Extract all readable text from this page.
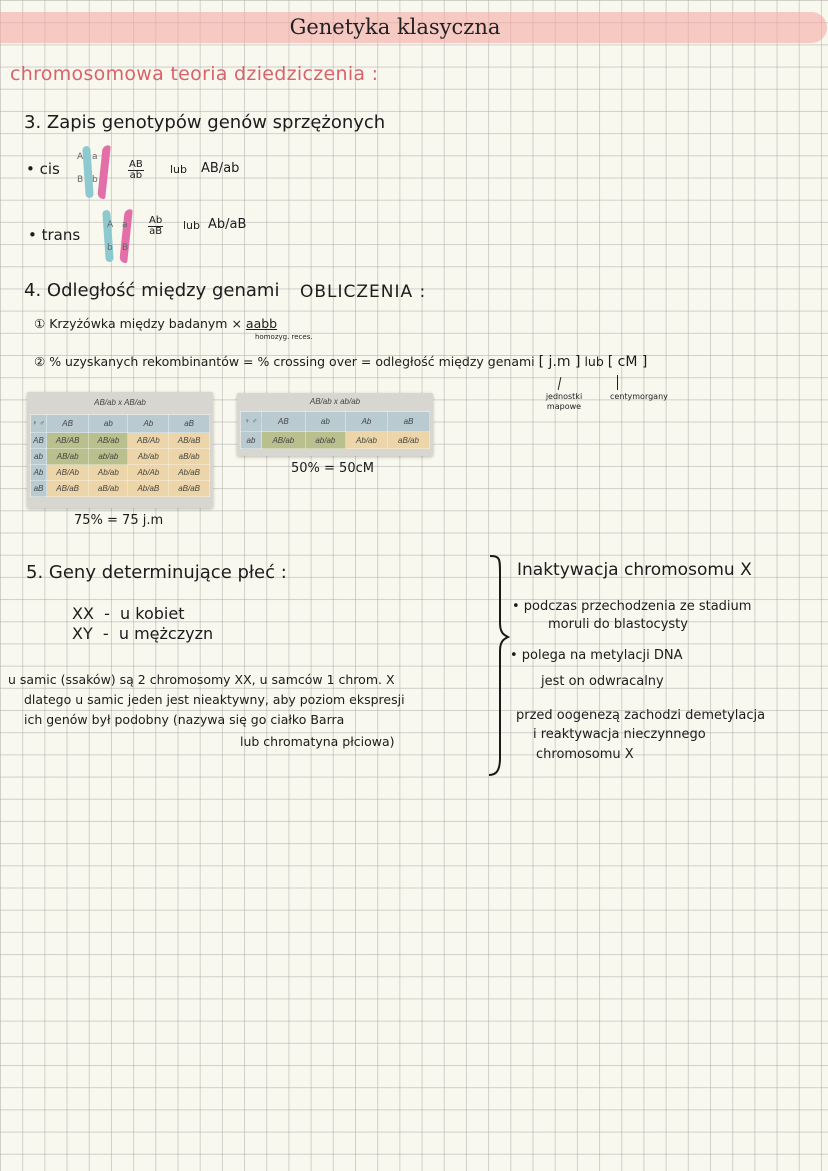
Genetyka klasyczna
chromosomowa teoria dziedziczenia :
3. Zapis genotypów genów sprzężonych
• cis
A
B
a
b	$\frac{AB}{ab}$ lub AB/ab
• trans
A
b
a
B
$\frac{Ab}{aB}$ lub Ab/aB
4. Odległość między genami OBLICZENIA :
① Krzyżówka między badanym × aabb
homozyg. reces.
② % uzyskanych rekombinantów = % crossing over = odległość między genami [ j.m ] lub [ cM ]
jednostki mapowe
centymorgany
AB/ab x AB/ab
♀ ♂	AB	ab	Ab	aB
AB	AB/AB	AB/ab	AB/Ab	AB/aB
ab	AB/ab	ab/ab	Ab/ab	aB/ab
Ab	AB/Ab	Ab/ab	Ab/Ab	Ab/aB
aB	AB/aB	aB/ab	Ab/aB	aB/aB
75% = 75 j.m
AB/ab x ab/ab
♀ ♂	AB	ab	Ab	aB
ab	AB/ab	ab/ab	Ab/ab	aB/ab
50% = 50cM
5. Geny determinujące płeć :
XX  -  u kobiet
XY  -  u mężczyzn
u samic (ssaków) są 2 chromosomy XX, u samców 1 chrom. X
dlatego u samic jeden jest nieaktywny, aby poziom ekspresji
ich genów był podobny (nazywa się go ciałko Barra
lub chromatyna płciowa)
Inaktywacja chromosomu X
• podczas przechodzenia ze stadium
moruli do blastocysty
• polega na metylacji DNA
jest on odwracalny
przed oogenezą zachodzi demetylacja
i reaktywacja nieczynnego
chromosomu X
